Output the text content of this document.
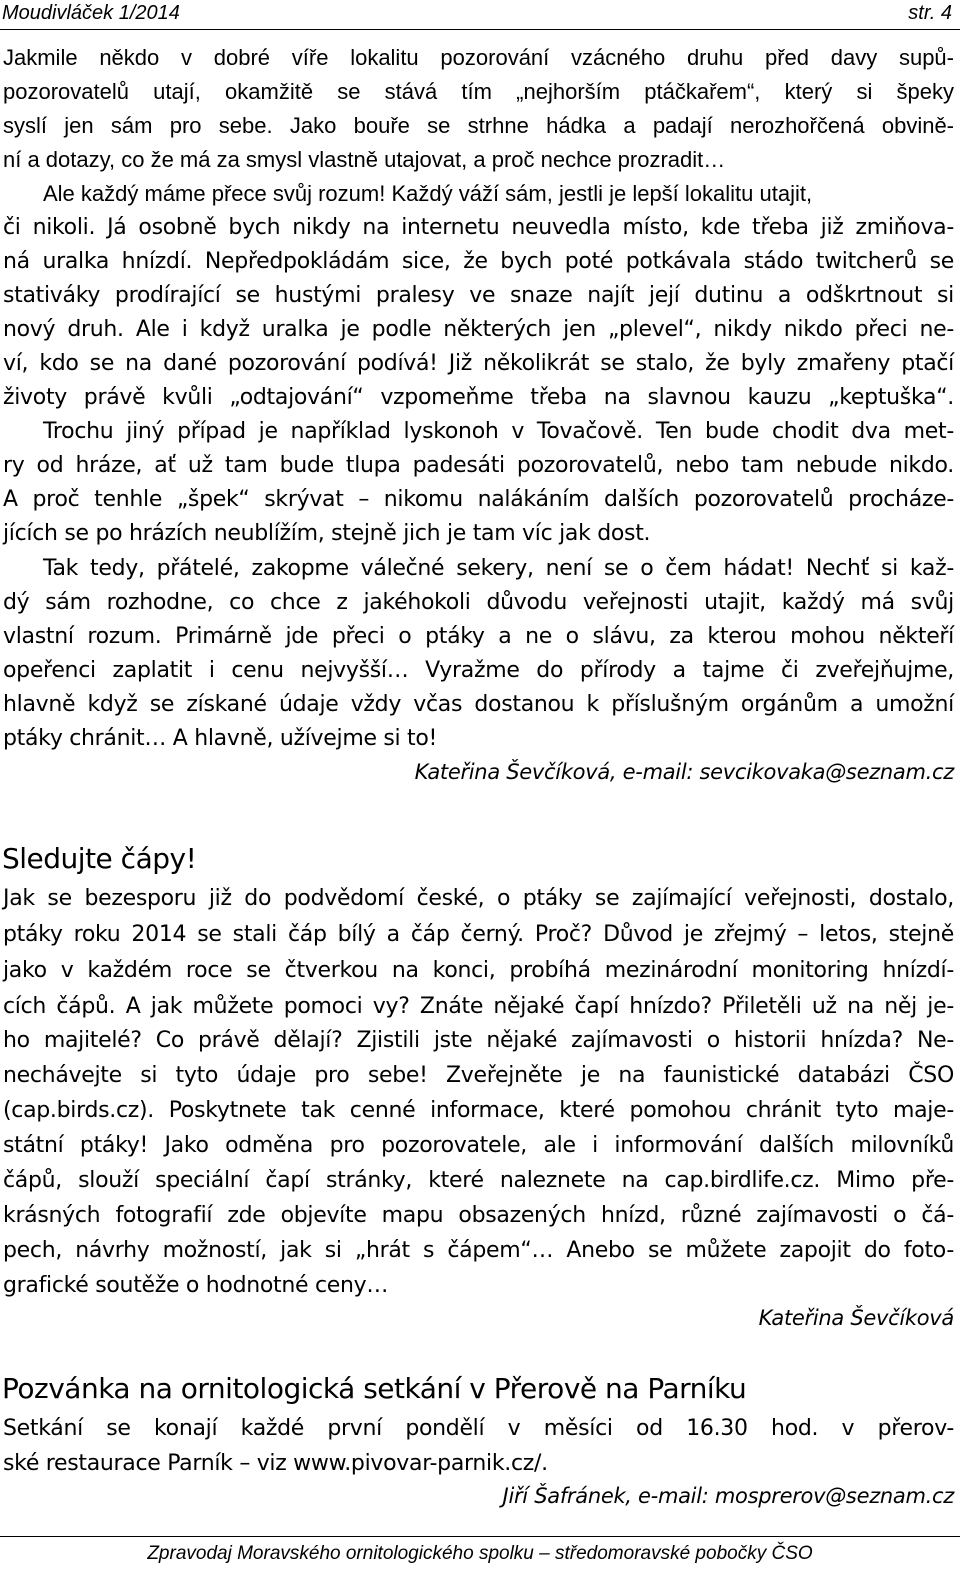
Moudivláček 1/2014	str. 4
Jakmile někdo v dobré víře lokalitu pozorování vzácného druhu před davy supů-
pozorovatelů utají, okamžitě se stává tím „nejhorším ptáčkařem“, který si špeky
syslí jen sám pro sebe. Jako bouře se strhne hádka a padají nerozhořčená obvině-
ní a dotazy, co že má za smysl vlastně utajovat, a proč nechce prozradit…
Ale každý máme přece svůj rozum! Každý váží sám, jestli je lepší lokalitu utajit,
či nikoli. Já osobně bych nikdy na internetu neuvedla místo, kde třeba již zmiňova-
ná uralka hnízdí. Nepředpokládám sice, že bych poté potkávala stádo twitcherů se
stativáky prodírající se hustými pralesy ve snaze najít její dutinu a odškrtnout si
nový druh. Ale i když uralka je podle některých jen „plevel“, nikdy nikdo přeci ne-
ví, kdo se na dané pozorování podívá! Již několikrát se stalo, že byly zmařeny ptačí
životy právě kvůli „odtajování“ vzpomeňme třeba na slavnou kauzu „keptuška“.
Trochu jiný případ je například lyskonoh v Tovačově. Ten bude chodit dva met-
ry od hráze, ať už tam bude tlupa padesáti pozorovatelů, nebo tam nebude nikdo.
A proč tenhle „špek“ skrývat – nikomu nalákáním dalších pozorovatelů procháze-
jících se po hrázích neublížím, stejně jich je tam víc jak dost.
Tak tedy, přátelé, zakopme válečné sekery, není se o čem hádat! Nechť si kaž-
dý sám rozhodne, co chce z jakéhokoli důvodu veřejnosti utajit, každý má svůj
vlastní rozum. Primárně jde přeci o ptáky a ne o slávu, za kterou mohou někteří
opeřenci zaplatit i cenu nejvyšší… Vyražme do přírody a tajme či zveřejňujme,
hlavně když se získané údaje vždy včas dostanou k příslušným orgánům a umožní
ptáky chránit… A hlavně, užívejme si to!
Kateřina Ševčíková, e-mail: sevcikovaka@seznam.cz
Sledujte čápy!
Jak se bezesporu již do podvědomí české, o ptáky se zajímající veřejnosti, dostalo,
ptáky roku 2014 se stali čáp bílý a čáp černý. Proč? Důvod je zřejmý – letos, stejně
jako v každém roce se čtverkou na konci, probíhá mezinárodní monitoring hnízdí-
cích čápů. A jak můžete pomoci vy? Znáte nějaké čapí hnízdo? Přiletěli už na něj je-
ho majitelé? Co právě dělají? Zjistili jste nějaké zajímavosti o historii hnízda? Ne-
nechávejte si tyto údaje pro sebe! Zveřejněte je na faunistické databázi ČSO
(cap.birds.cz). Poskytnete tak cenné informace, které pomohou chránit tyto maje-
státní ptáky! Jako odměna pro pozorovatele, ale i informování dalších milovníků
čápů, slouží speciální čapí stránky, které naleznete na cap.birdlife.cz. Mimo pře-
krásných fotografií zde objevíte mapu obsazených hnízd, různé zajímavosti o čá-
pech, návrhy možností, jak si „hrát s čápem“… Anebo se můžete zapojit do foto-
grafické soutěže o hodnotné ceny…
Kateřina Ševčíková
Pozvánka na ornitologická setkání v Přerově na Parníku
Setkání se konají každé první pondělí v měsíci od 16.30 hod. v přerov-
ské restaurace Parník – viz www.pivovar-parnik.cz/.
Jiří Šafránek, e-mail: mosprerov@seznam.cz
Zpravodaj Moravského ornitologického spolku – středomoravské pobočky ČSO
